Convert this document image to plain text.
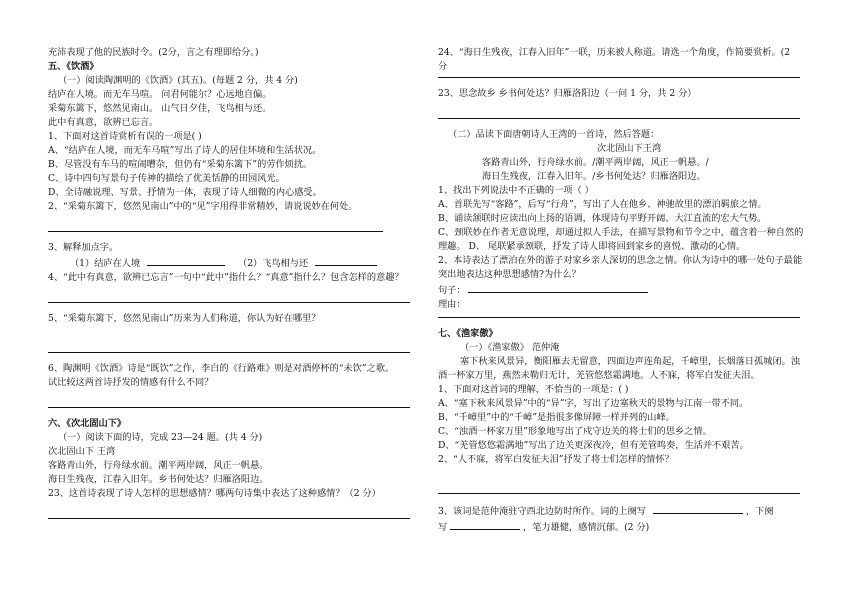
充沛表现了他的民族时令。(2分，言之有理即给分。)
五、《饮酒》
（一）阅读陶渊明的《饮酒》(其五)。(每题 2 分，共 4 分)
结庐在人境。而无车马喧。 问君何能尔？心远地自偏。
采菊东篱下，悠然见南山。 山气日夕佳，飞鸟相与还。
此中有真意，欲辨已忘言。
1、下面对这首诗赏析有误的一项是( )
A、“结庐在人境，而无车马喧”写出了诗人的居住环境和生活状况。
B、尽管没有车马的喧闹嘈杂，但仍有“采菊东篱下”的劳作烦扰。
C、诗中四句写景句子传神的描绘了优美恬静的田园风光。
D、全诗融说理、写景、抒情为一体，表现了诗人细微的内心感受。
2、“采菊东篱下，悠然见南山”中的“见”字用得非常精妙，请说说妙在何处。
3、解释加点字。
（1）结庐在人境	（2）飞鸟相与还
4、“此中有真意，欲辨已忘言”一句中“此中”指什么？“真意”指什么？包含怎样的意趣？
5、“采菊东篱下，悠然见南山”历来为人们称道，你认为好在哪里？
6、陶渊明《饮酒》诗是“既饮”之作，李白的《行路难》则是对酒停杯的“未饮”之歌。
试比较这两首诗抒发的情感有什么不同？
六、《次北固山下》
（一）阅读下面的诗，完成 23—24 题。(共 4 分)
次北固山下 王湾
客路青山外，行舟绿水前。潮平两岸阔，风正一帆悬。
海日生残夜，江春入旧年。乡书何处达？归雁洛阳边。
23、这首诗表现了诗人怎样的思想感情？哪两句诗集中表达了这种感情？（2 分）
24、“海日生残夜，江春入旧年”一联，历来被人称道。请选一个角度，作简要赏析。(2
分
23、思念故乡 乡书何处达？归雁洛阳边（一问 1 分，共 2 分）
（二）品读下面唐朝诗人王湾的一首诗，然后答题：
次北固山下王湾
客路青山外，行舟绿水前。/潮平两岸阔，风正一帆悬。/
海日生残夜，江春入旧年。/乡书何处达？归雁洛阳边。
1、找出下列说法中不正确的一项（ ）
A、首联先写“客路”，后写“行舟”，写出了人在他乡、神驰故里的漂泊羁旅之情。
B、诵读颔联时应读出向上扬的语调，体现诗句平野开阔、大江直流的宏大气势。
C、颈联妙在作者无意说理，却通过拟人手法，在描写景物和节令之中，蕴含着一种自然的
理趣。 D、 尾联紧承颈联，抒发了诗人即将回到家乡的喜悦、激动的心情。
2、本诗表达了漂泊在外的游子对家乡亲人深切的思念之情。你认为诗中的哪一处句子最能
突出地表达这种思想感情?为什么？
句子：
理由：
七、《渔家傲》
（一）《渔家傲》 范仲淹
塞下秋来风景异，衡阳雁去无留意，四面边声连角起，千嶂里，长烟落日孤城闭。浊
酒一杯家万里，燕然未勒归无计，羌管悠悠霜满地。人不寐，将军白发征夫泪。
1、下面对这首词的理解，不恰当的一项是：( )
A、“塞下秋来风景异”中的“异”字，写出了边塞秋天的景物与江南一带不同。
B、“千嶂里”中的“千嶂”是指很多像屏障一样并列的山峰。
C、“浊酒一杯家万里”形象地写出了戍守边关的将士们的思乡之情。
D、“羌管悠悠霜满地”写出了边关更深夜冷，但有羌管鸣奏，生活并不艰苦。
2、“人不寐，将军白发征夫泪”抒发了将士们怎样的情怀？
3、该词是范仲淹驻守西北边防时所作。词的上阕写	，下阕
写	，笔力雄健，感情沉郁。(2 分)
